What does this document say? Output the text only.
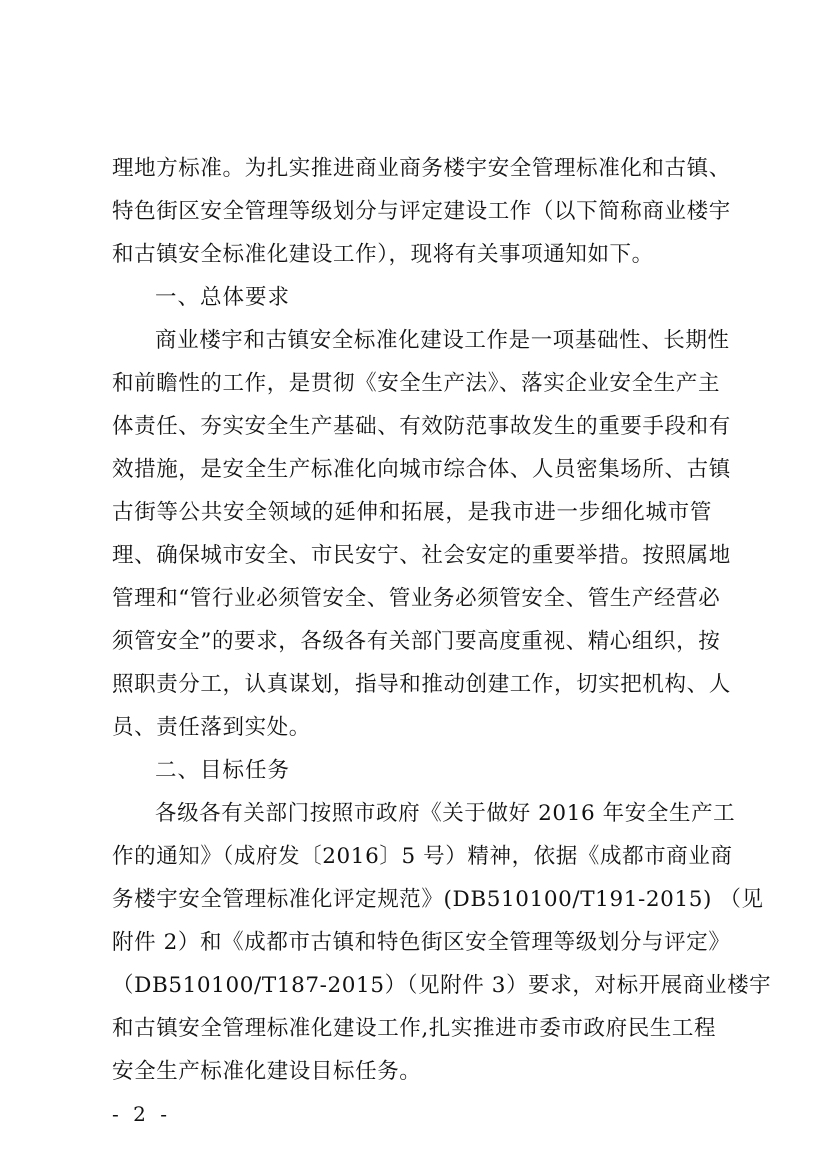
理地方标准。为扎实推进商业商务楼宇安全管理标准化和古镇、
特色街区安全管理等级划分与评定建设工作（以下简称商业楼宇
和古镇安全标准化建设工作），现将有关事项通知如下。
一、总体要求
商业楼宇和古镇安全标准化建设工作是一项基础性、长期性
和前瞻性的工作，是贯彻《安全生产法》、落实企业安全生产主
体责任、夯实安全生产基础、有效防范事故发生的重要手段和有
效措施，是安全生产标准化向城市综合体、人员密集场所、古镇
古街等公共安全领域的延伸和拓展，是我市进一步细化城市管
理、确保城市安全、市民安宁、社会安定的重要举措。按照属地
管理和“管行业必须管安全、管业务必须管安全、管生产经营必
须管安全”的要求，各级各有关部门要高度重视、精心组织，按
照职责分工，认真谋划，指导和推动创建工作，切实把机构、人
员、责任落到实处。
二、目标任务
各级各有关部门按照市政府《关于做好 2016 年安全生产工
作的通知》（成府发〔2016〕5 号）精神，依据《成都市商业商
务楼宇安全管理标准化评定规范》(DB510100/T191-2015) （见
附件 2）和《成都市古镇和特色街区安全管理等级划分与评定》
（DB510100/T187-2015）（见附件 3）要求，对标开展商业楼宇
和古镇安全管理标准化建设工作,扎实推进市委市政府民生工程
安全生产标准化建设目标任务。
- 2 -
